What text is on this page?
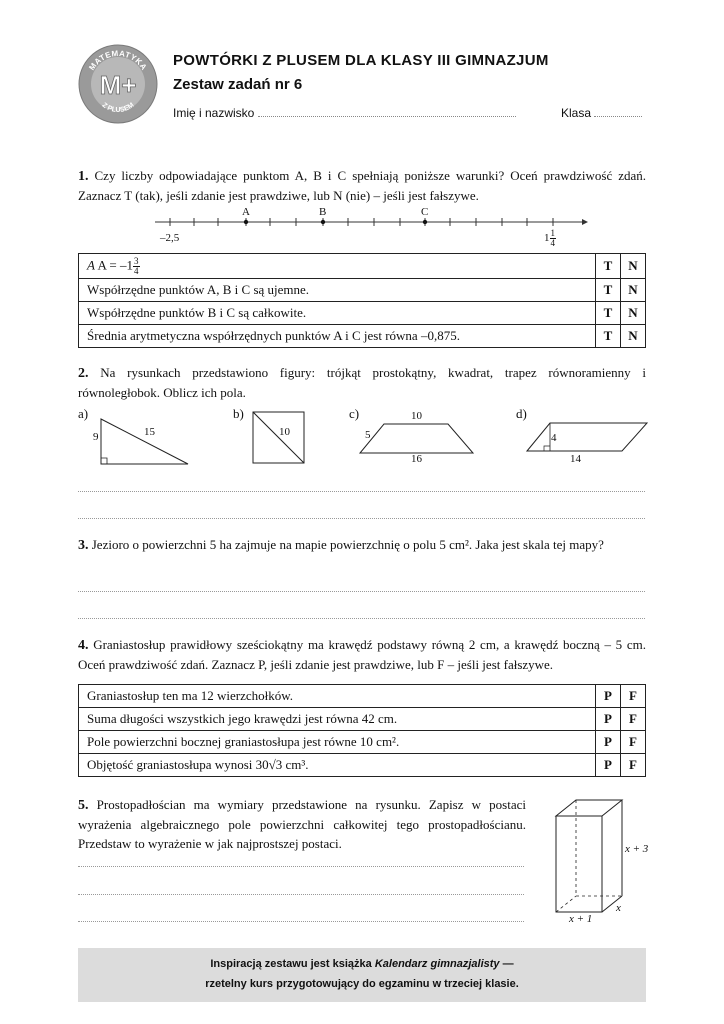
MATEMATYKA
Z PLUSEM
M+
POWTÓRKI Z PLUSEM DLA KLASY III GIMNAZJUM
Zestaw zadań nr 6
Imię i nazwisko	Klasa
1. Czy liczby odpowiadające punktom A, B i C spełniają poniższe warunki? Oceń prawdziwość zdań. Zaznacz T (tak), jeśli zdanie jest prawdziwe, lub N (nie) – jeśli jest fałszywe.
A	B	C
–2,5	$1 \frac{1}{4}$
A $A = -1 \frac{3}{4}$	T	N
Współrzędne punktów A, B i C są ujemne.	T	N
Współrzędne punktów B i C są całkowite.	T	N
Średnia arytmetyczna współrzędnych punktów A i C jest równa –0,875.	T	N
2. Na rysunkach przedstawiono figury: trójkąt prostokątny, kwadrat, trapez równoramienny i równoległobok. Oblicz ich pola.
a)
9	15
b)
10
c)	10
5
16
d)
4
14
3. Jezioro o powierzchni 5 ha zajmuje na mapie powierzchnię o polu 5 cm². Jaka jest skala tej mapy?
4. Graniastosłup prawidłowy sześciokątny ma krawędź podstawy równą 2 cm, a krawędź boczną – 5 cm. Oceń prawdziwość zdań. Zaznacz P, jeśli zdanie jest prawdziwe, lub F – jeśli jest fałszywe.
Graniastosłup ten ma 12 wierzchołków.	P	F
Suma długości wszystkich jego krawędzi jest równa 42 cm.	P	F
Pole powierzchni bocznej graniastosłupa jest równe 10 cm².	P	F
Objętość graniastosłupa wynosi 30√3 cm³.	P	F
5. Prostopadłościan ma wymiary przedstawione na rysunku. Zapisz w postaci wyrażenia algebraicznego pole powierzchni całkowitej tego prostopadłościanu. Przedstaw to wyrażenie w jak najprostszej postaci.	x + 3
x
x + 1
Inspiracją zestawu jest książka Kalendarz gimnazjalisty —
rzetelny kurs przygotowujący do egzaminu w trzeciej klasie.
